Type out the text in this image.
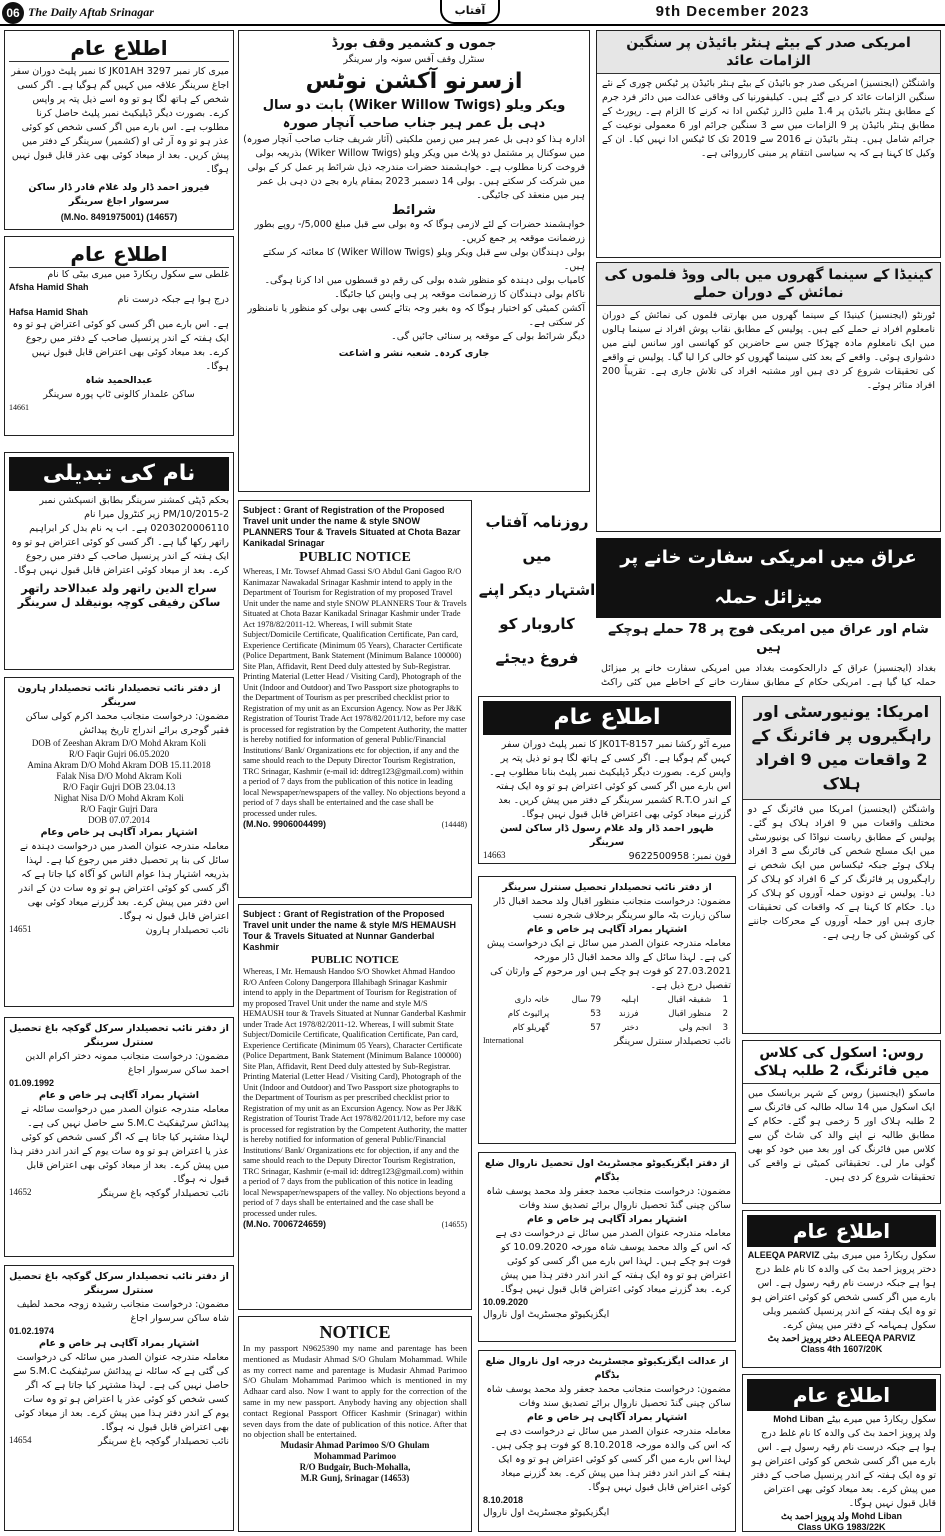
06 The Daily Aftab Srinagar	آفتاب	9th December 2023
اطلاع عام

میری کار نمبر 3297 JK01AH کا نمبر پلیٹ دوران سفر اجاغ سرینگر علاقہ میں کہیں گم ہوگیا ہے۔ اگر کسی شخص کے ہاتھ لگا ہو تو وہ اسے ذیل پتہ پر واپس کرے۔ بصورت دیگر ڈپلیکیٹ نمبر پلیٹ حاصل کرنا مطلوب ہے۔ اس بارے میں اگر کسی شخص کو کوئی عذر ہو تو وہ آر ٹی او (کشمیر) سرینگر کے دفتر میں پیش کریں۔ بعد از میعاد کوئی بھی عذر قابل قبول نہیں ہوگا۔

فیروز احمد ڈار ولد غلام قادر ڈار ساکن سرسوار اجاغ سرینگر

(M.No. 8491975001) (14657)

اطلاع عام

غلطی سے سکول ریکارڈ میں میری بیٹی کا نام

Afsha Hamid Shah

درج ہوا ہے جبکہ درست نام

Hafsa Hamid Shah

ہے۔ اس بارے میں اگر کسی کو کوئی اعتراض ہو تو وہ ایک ہفتہ کے اندر پرنسپل صاحب کے دفتر میں رجوع کرے۔ بعد میعاد کوئی بھی اعتراض قابل قبول نہیں ہوگا۔

عبدالحمید شاہ

ساکن علمدار کالونی ٹاپ پورہ سرینگر

14661

نام کی تبدیلی

بحکم ڈپٹی کمشنر سرینگر بطابق انسپکشن نمبر PM/10/2015-2 زیر کنٹرول میرا نام 0203020006110 ہے۔ اب یہ نام بدل کر ابراہیم راتھر رکھا گیا ہے۔ اگر کسی کو کوئی اعتراض ہو تو وہ ایک ہفتہ کے اندر پرنسپل صاحب کے دفتر میں رجوع کرے۔ بعد از میعاد کوئی اعتراض قابل قبول نہیں ہوگا۔

سراج الدین راتھر ولد عبدالاحد راتھر

ساکن رفیقی کوچہ بونیقلد ل سرینگر

از دفتر نائب تحصیلدار نائب تحصیلدار ہارون سرینگر

مضمون: درخواست منجانب محمد اکرم کولی ساکن فقیر گوجری برائے اندراج تاریخ پیدائش

DOB of Zeeshan Akram D/O Mohd Akram Koli

R/O Faqir Gujri 06.05.2020

Amina Akram D/O Mohd Akram DOB 15.11.2018

Falak Nisa D/O Mohd Akram Koli

R/O Faqir Gujri DOB 23.04.13

Nighat Nisa D/O Mohd Akram Koli

R/O Faqir Gujri Dara

DOB 07.07.2014

اشتہار بمراد آگاہی ہر خاص وعام

معاملہ مندرجہ عنوان الصدر میں درخواست دہندہ نے سائل کی بنا پر تحصیل دفتر میں رجوع کیا ہے۔ لہذا بذریعہ اشتہار ہذا عوام الناس کو آگاہ کیا جاتا ہے کہ اگر کسی کو کوئی اعتراض ہو تو وہ سات دن کے اندر اس دفتر میں پیش کرے۔ بعد گزرنے میعاد کوئی بھی اعتراض قابل قبول نہ ہوگا۔

14651	نائب تحصیلدار ہارون

از دفتر نائب تحصیلدار سرکل گوکچہ باغ تحصیل سنترل سرینگر

مضمون: درخواست منجانب ممونہ دختر اکرام الدین احمد ساکن سرسوار اجاغ

01.09.1992

اشتہار بمراد آگاہی ہر خاص و عام

معاملہ مندرجہ عنوان الصدر میں درخواست سائلہ نے پیدائش سرٹیفکیٹ S.M.C سے حاصل نہیں کی ہے۔ لہذا مشتہر کیا جاتا ہے کہ اگر کسی شخص کو کوئی عذر یا اعتراض ہو تو وہ سات یوم کے اندر اندر دفتر ہذا میں پیش کرے۔ بعد از میعاد کوئی بھی اعتراض قابل قبول نہ ہوگا۔

14652	نائب تحصیلدار گوکچہ باغ سرینگر

از دفتر نائب تحصیلدار سرکل گوکچہ باغ تحصیل سنترل سرینگر

مضمون: درخواست منجانب رشیدہ زوجہ محمد لطیف شاہ ساکن سرسوار اجاغ

01.02.1974

اشتہار بمراد آگاہی ہر خاص و عام

معاملہ مندرجہ عنوان الصدر میں سائلہ کی درخواست کی گئی ہے کہ سائلہ نے پیدائش سرٹیفکیٹ S.M.C سے حاصل نہیں کی ہے۔ لہذا مشتہر کیا جاتا ہے کہ اگر کسی شخص کو کوئی عذر یا اعتراض ہو تو وہ سات یوم کے اندر دفتر ہذا میں پیش کرے۔ بعد از میعاد کوئی بھی اعتراض قابل قبول نہ ہوگا۔

14654	نائب تحصیلدار گوکچہ باغ سرینگر

جموں و کشمیر وقف بورڈ

سنٹرل وقف آفس سونہ وار سرینگر

ازسرنو آکشن نوٹس

ویکر ویلو (Wiker Willow Twigs) بابت دو سال

دہی بل عمر ہیر جناب صاحب آنچار صورہ

ادارہ ہذا کو دہی بل عمر ہیر میں زمین ملکیتی (آثار شریف جناب صاحب آنچار صورہ) میں سوکنال پر مشتمل دو پلاٹ میں ویکر ویلو (Wiker Willow Twigs) بذریعہ بولی فروخت کرنا مطلوب ہے۔ خواہشمند حضرات مندرجہ ذیل شرائط پر عمل کر کے بولی میں شرکت کر سکتے ہیں۔ بولی 14 دسمبر 2023 بمقام یارہ بجے دن دہی بل عمر ہیر میں منعقد کی جائیگی۔

شرائط

خواہشمند حضرات کے لئے لازمی ہوگا کہ وہ بولی سے قبل مبلغ 5,000/- روپے بطور زرضمانت موقعہ پر جمع کریں۔

بولی دہندگان بولی سے قبل ویکر ویلو (Wiker Willow Twigs) کا معائنہ کر سکتے ہیں۔

کامیاب بولی دہندہ کو منظور شدہ بولی کی رقم دو قسطوں میں ادا کرنا ہوگی۔

ناکام بولی دہندگان کا زرضمانت موقعہ پر ہی واپس کیا جائیگا۔

آکشن کمیٹی کو اختیار ہوگا کہ وہ بغیر وجہ بتائے کسی بھی بولی کو منظور یا نامنظور کر سکتی ہے۔

دیگر شرائط بولی کے موقعہ پر سنائی جائیں گی۔

جاری کردہ۔ شعبہ نشر و اشاعت

Subject : Grant of Registration of the Proposed Travel unit under the name & style SNOW PLANNERS Tour & Travels Situated at Chota Bazar Kanikadal Srinagar

PUBLIC NOTICE

Whereas, I Mr. Towsef Ahmad Gassi S/O Abdul Gani Gagoo R/O Kanimazar Nawakadal Srinagar Kashmir intend to apply in the Department of Tourism for Registration of my proposed Travel Unit under the name and style SNOW PLANNERS Tour & Travels Situated at Chota Bazar Kanikadal Srinagar Kashmir under Trade Act 1978/82/2011-12. Whereas, I will submit State Subject/Domicile Certificate, Qualification Certificate, Pan card, Experience Certificate (Minimum 05 Years), Character Certificate (Police Department, Bank Statement (Minimum Balance 100000) Site Plan, Affidavit, Rent Deed duly attested by Sub-Registrar. Printing Material (Letter Head / Visiting Card), Photograph of the Unit (Indoor and Outdoor) and Two Passport size photographs to the Department of Tourism as per prescribed checklist prior to Registration of my unit as an Excursion Agency. Now as Per J&K Registration of Tourist Trade Act 1978/82/2011/12, before my case is processed for registration by the Competent Authority, the matter is hereby notified for information of general Public/Financial Institutions/ Bank/ Organizations etc for objection, if any and the same should reach to the Deputy Director Tourism Registration, TRC Srinagar, Kashmir (e-mail id: ddtreg123@gmail.com) within a period of 7 days from the publication of this notice in leading local Newspaper/newspapers of the valley. No objections beyond a period of 7 days shall be entertained and the case shall be processed under rules.

(M.No. 9906004499)	(14448)

Subject : Grant of Registration of the Proposed Travel unit under the name & style M/S HEMAUSH Tour & Travels Situated at Nunnar Ganderbal Kashmir

PUBLIC NOTICE

Whereas, I Mr. Hemaush Handoo S/O Showket Ahmad Handoo R/O Anfeen Colony Dangerpora Illahibagh Srinagar Kashmir intend to apply in the Department of Tourism for Registration of my proposed Travel Unit under the name and style M/S HEMAUSH tour & Travels Situated at Nunnar Ganderbal Kashmir under Trade Act 1978/82/2011-12. Whereas, I will submit State Subject/Domicile Certificate, Qualification Certificate, Pan card, Experience Certificate (Minimum 05 Years), Character Certificate (Police Department, Bank Statement (Minimum Balance 100000) Site Plan, Affidavit, Rent Deed duly attested by Sub-Registrar. Printing Material (Letter Head / Visiting Card), Photograph of the Unit (Indoor and Outdoor) and Two Passport size photographs to the Department of Tourism as per prescribed checklist prior to Registration of my unit as an Excursion Agency. Now as Per J&K Registration of Tourist Trade Act 1978/82/2011/12, before my case is processed for registration by the Competent Authority, the matter is hereby notified for information of general Public/Financial Institutions/ Bank/ Organizations etc for objection, if any and the same should reach to the Deputy Director Tourism Registration, TRC Srinagar, Kashmir (e-mail id: ddtreg123@gmail.com) within a period of 7 days from the publication of this notice in leading local Newspaper/newspapers of the valley. No objections beyond a period of 7 days shall be entertained and the case shall be processed under rules.

(M.No. 7006724659)	(14655)

NOTICE

In my passport N9625390 my name and parentage has been mentioned as Mudasir Ahmad S/O Ghulam Mohammad. While as my correct name and parentage is Mudasir Ahmad Parimoo S/O Ghulam Mohammad Parimoo which is mentioned in my Adhaar card also. Now I want to apply for the correction of the same in my new passport. Anybody having any objection shall contact Regional Passport Officer Kashmir (Srinagar) within seven days from the date of publication of this notice. After that no objection shall be entertained.

Mudasir Ahmad Parimoo S/O Ghulam

Mohammad Parimoo

R/O Budgair, Buch-Mohalla,

M.R Gunj, Srinagar (14653)

روزنامہ آفتاب میں

اشتہار دیکر اپنے

کاروبار کو فروغ دیجئے

اطلاع عام

میرے آٹو رکشا نمبر JK01T-8157 کا نمبر پلیٹ دوران سفر کہیں گم ہوگیا ہے۔ اگر کسی کے ہاتھ لگا ہو تو ذیل پتہ پر واپس کرے۔ بصورت دیگر ڈپلیکیٹ نمبر پلیٹ بنانا مطلوب ہے۔ اس بارے میں اگر کسی کو کوئی اعتراض ہو تو وہ ایک ہفتہ کے اندر R.T.O کشمیر سرینگر کے دفتر میں پیش کریں۔ بعد گزرنے میعاد کوئی بھی اعتراض قابل قبول نہیں ہوگا۔

ظہور احمد ڈار ولد غلام رسول ڈار ساکن لسن سرینگر

14663	فون نمبر: 9622500958

از دفتر نائب تحصیلدار تحصیل سنترل سرینگر

مضمون: درخواست منجانب منظور اقبال ولد محمد اقبال ڈار ساکن زیارت بٹہ مالو سرینگر برخلاف شجرہ نسب

اشتہار بمراد آگاہی ہر خاص و عام

معاملہ مندرجہ عنوان الصدر میں سائل نے ایک درخواست پیش کی ہے۔ لہذا سائل کے والد محمد اقبال ڈار مورخہ 27.03.2021 کو فوت ہو چکے ہیں اور مرحوم کے وارثان کی تفصیل درج ذیل ہے۔

1	شفیقہ اقبال	اہلیہ	79 سال	خانہ داری
2	منظور اقبال	فرزند	53	پرائیوٹ کام
3	انجم ولی	دختر	57	گھریلو کام
International	نائب تحصیلدار سنترل سرینگر

از دفتر ایگزیکیوٹو مجسٹریٹ اول تحصیل ناروال ضلع بڈگام

مضمون: درخواست منجانب محمد جعفر ولد محمد یوسف شاہ ساکن چینی گنڈ تحصیل ناروال برائے تصدیق سند وفات

اشتہار بمراد آگاہی ہر خاص و عام

معاملہ مندرجہ عنوان الصدر میں سائل نے درخواست دی ہے کہ اس کے والد محمد یوسف شاہ مورخہ 10.09.2020 کو فوت ہو چکے ہیں۔ لہذا اس بارے میں اگر کسی کو کوئی اعتراض ہو تو وہ ایک ہفتہ کے اندر اندر دفتر ہذا میں پیش کرے۔ بعد گزرنے میعاد کوئی اعتراض قابل قبول نہیں ہوگا۔

10.09.2020

ایگزیکیوٹو مجسٹریٹ اول ناروال

از عدالت ایگزیکیوٹو مجسٹریٹ درجہ اول ناروال ضلع بڈگام

مضمون: درخواست منجانب محمد جعفر ولد محمد یوسف شاہ ساکن چینی گنڈ تحصیل ناروال برائے تصدیق سند وفات

اشتہار بمراد آگاہی ہر خاص و عام

معاملہ مندرجہ عنوان الصدر میں سائل نے درخواست دی ہے کہ اس کی والدہ مورخہ 8.10.2018 کو فوت ہو چکی ہیں۔ لہذا اس بارے میں اگر کسی کو کوئی اعتراض ہو تو وہ ایک ہفتہ کے اندر اندر دفتر ہذا میں پیش کرے۔ بعد گزرنے میعاد کوئی اعتراض قابل قبول نہیں ہوگا۔

8.10.2018

ایگزیکیوٹو مجسٹریٹ اول ناروال

امریکی صدر کے بیٹے ہنٹر بائیڈن پر سنگین الزامات عائد

واشنگٹن (ایجنسیز) امریکی صدر جو بائیڈن کے بیٹے ہنٹر بائیڈن پر ٹیکس چوری کے نئے سنگین الزامات عائد کر دیے گئے ہیں۔ کیلیفورنیا کی وفاقی عدالت میں دائر فرد جرم کے مطابق ہنٹر بائیڈن پر 1.4 ملین ڈالرز ٹیکس ادا نہ کرنے کا الزام ہے۔ رپورٹ کے مطابق ہنٹر بائیڈن پر 9 الزامات میں سے 3 سنگین جرائم اور 6 معمولی نوعیت کے جرائم شامل ہیں۔ ہنٹر بائیڈن نے 2016 سے 2019 تک کا ٹیکس ادا نہیں کیا۔ ان کے وکیل کا کہنا ہے کہ یہ سیاسی انتقام پر مبنی کارروائی ہے۔

کینیڈا کے سینما گھروں میں بالی ووڈ فلموں کی نمائش کے دوران حملے

ٹورنٹو (ایجنسیز) کینیڈا کے سینما گھروں میں بھارتی فلموں کی نمائش کے دوران نامعلوم افراد نے حملے کیے ہیں۔ پولیس کے مطابق نقاب پوش افراد نے سینما ہالوں میں ایک نامعلوم مادہ چھڑکا جس سے حاضرین کو کھانسی اور سانس لینے میں دشواری ہوئی۔ واقعے کے بعد کئی سینما گھروں کو خالی کرا لیا گیا۔ پولیس نے واقعے کی تحقیقات شروع کر دی ہیں اور مشتبہ افراد کی تلاش جاری ہے۔ تقریباً 200 افراد متاثر ہوئے۔

عراق میں امریکی سفارت خانے پر میزائل حملہ
شام اور عراق میں امریکی فوج پر 78 حملے ہوچکے ہیں

بغداد (ایجنسیز) عراق کے دارالحکومت بغداد میں امریکی سفارت خانے پر میزائل حملہ کیا گیا ہے۔ امریکی حکام کے مطابق سفارت خانے کے احاطے میں کئی راکٹ

امریکا: یونیورسٹی اور راہگیروں پر فائرنگ کے 2 واقعات میں 9 افراد ہلاک

واشنگٹن (ایجنسیز) امریکا میں فائرنگ کے دو مختلف واقعات میں 9 افراد ہلاک ہو گئے۔ پولیس کے مطابق ریاست نیواڈا کی یونیورسٹی میں ایک مسلح شخص کی فائرنگ سے 3 افراد ہلاک ہوئے جبکہ ٹیکساس میں ایک شخص نے راہگیروں پر فائرنگ کر کے 6 افراد کو ہلاک کر دیا۔ پولیس نے دونوں حملہ آوروں کو ہلاک کر دیا۔ حکام کا کہنا ہے کہ واقعات کی تحقیقات جاری ہیں اور حملہ آوروں کے محرکات جاننے کی کوشش کی جا رہی ہے۔

روس: اسکول کی کلاس میں فائرنگ، 2 طلبہ ہلاک

ماسکو (ایجنسیز) روس کے شہر بریانسک میں ایک اسکول میں 14 سالہ طالبہ کی فائرنگ سے 2 طلبہ ہلاک اور 5 زخمی ہو گئے۔ حکام کے مطابق طالبہ نے اپنے والد کی شاٹ گن سے کلاس میں فائرنگ کی اور بعد میں خود کو بھی گولی مار لی۔ تحقیقاتی کمیٹی نے واقعے کی تحقیقات شروع کر دی ہیں۔

اطلاع عام

سکول ریکارڈ میں میری بیٹی ALEEQA PARVIZ

دختر پرویز احمد بٹ کی والدہ کا نام غلط درج ہوا ہے جبکہ درست نام رقیہ رسول ہے۔ اس بارے میں اگر کسی شخص کو کوئی اعتراض ہو تو وہ ایک ہفتہ کے اندر پرنسپل کشمیر ویلی سکول ہمہامہ کے دفتر میں پیش کرے۔

ALEEQA PARVIZ دختر پرویز احمد بٹ

Class 4th 1607/20K

اطلاع عام

سکول ریکارڈ میں میرے بیٹے Mohd Liban

ولد پرویز احمد بٹ کی والدہ کا نام غلط درج ہوا ہے جبکہ درست نام رقیہ رسول ہے۔ اس بارے میں اگر کسی شخص کو کوئی اعتراض ہو تو وہ ایک ہفتہ کے اندر پرنسپل صاحب کے دفتر میں پیش کرے۔ بعد میعاد کوئی بھی اعتراض قابل قبول نہیں ہوگا۔

Mohd Liban ولد پرویز احمد بٹ

Class UKG 1983/22K
